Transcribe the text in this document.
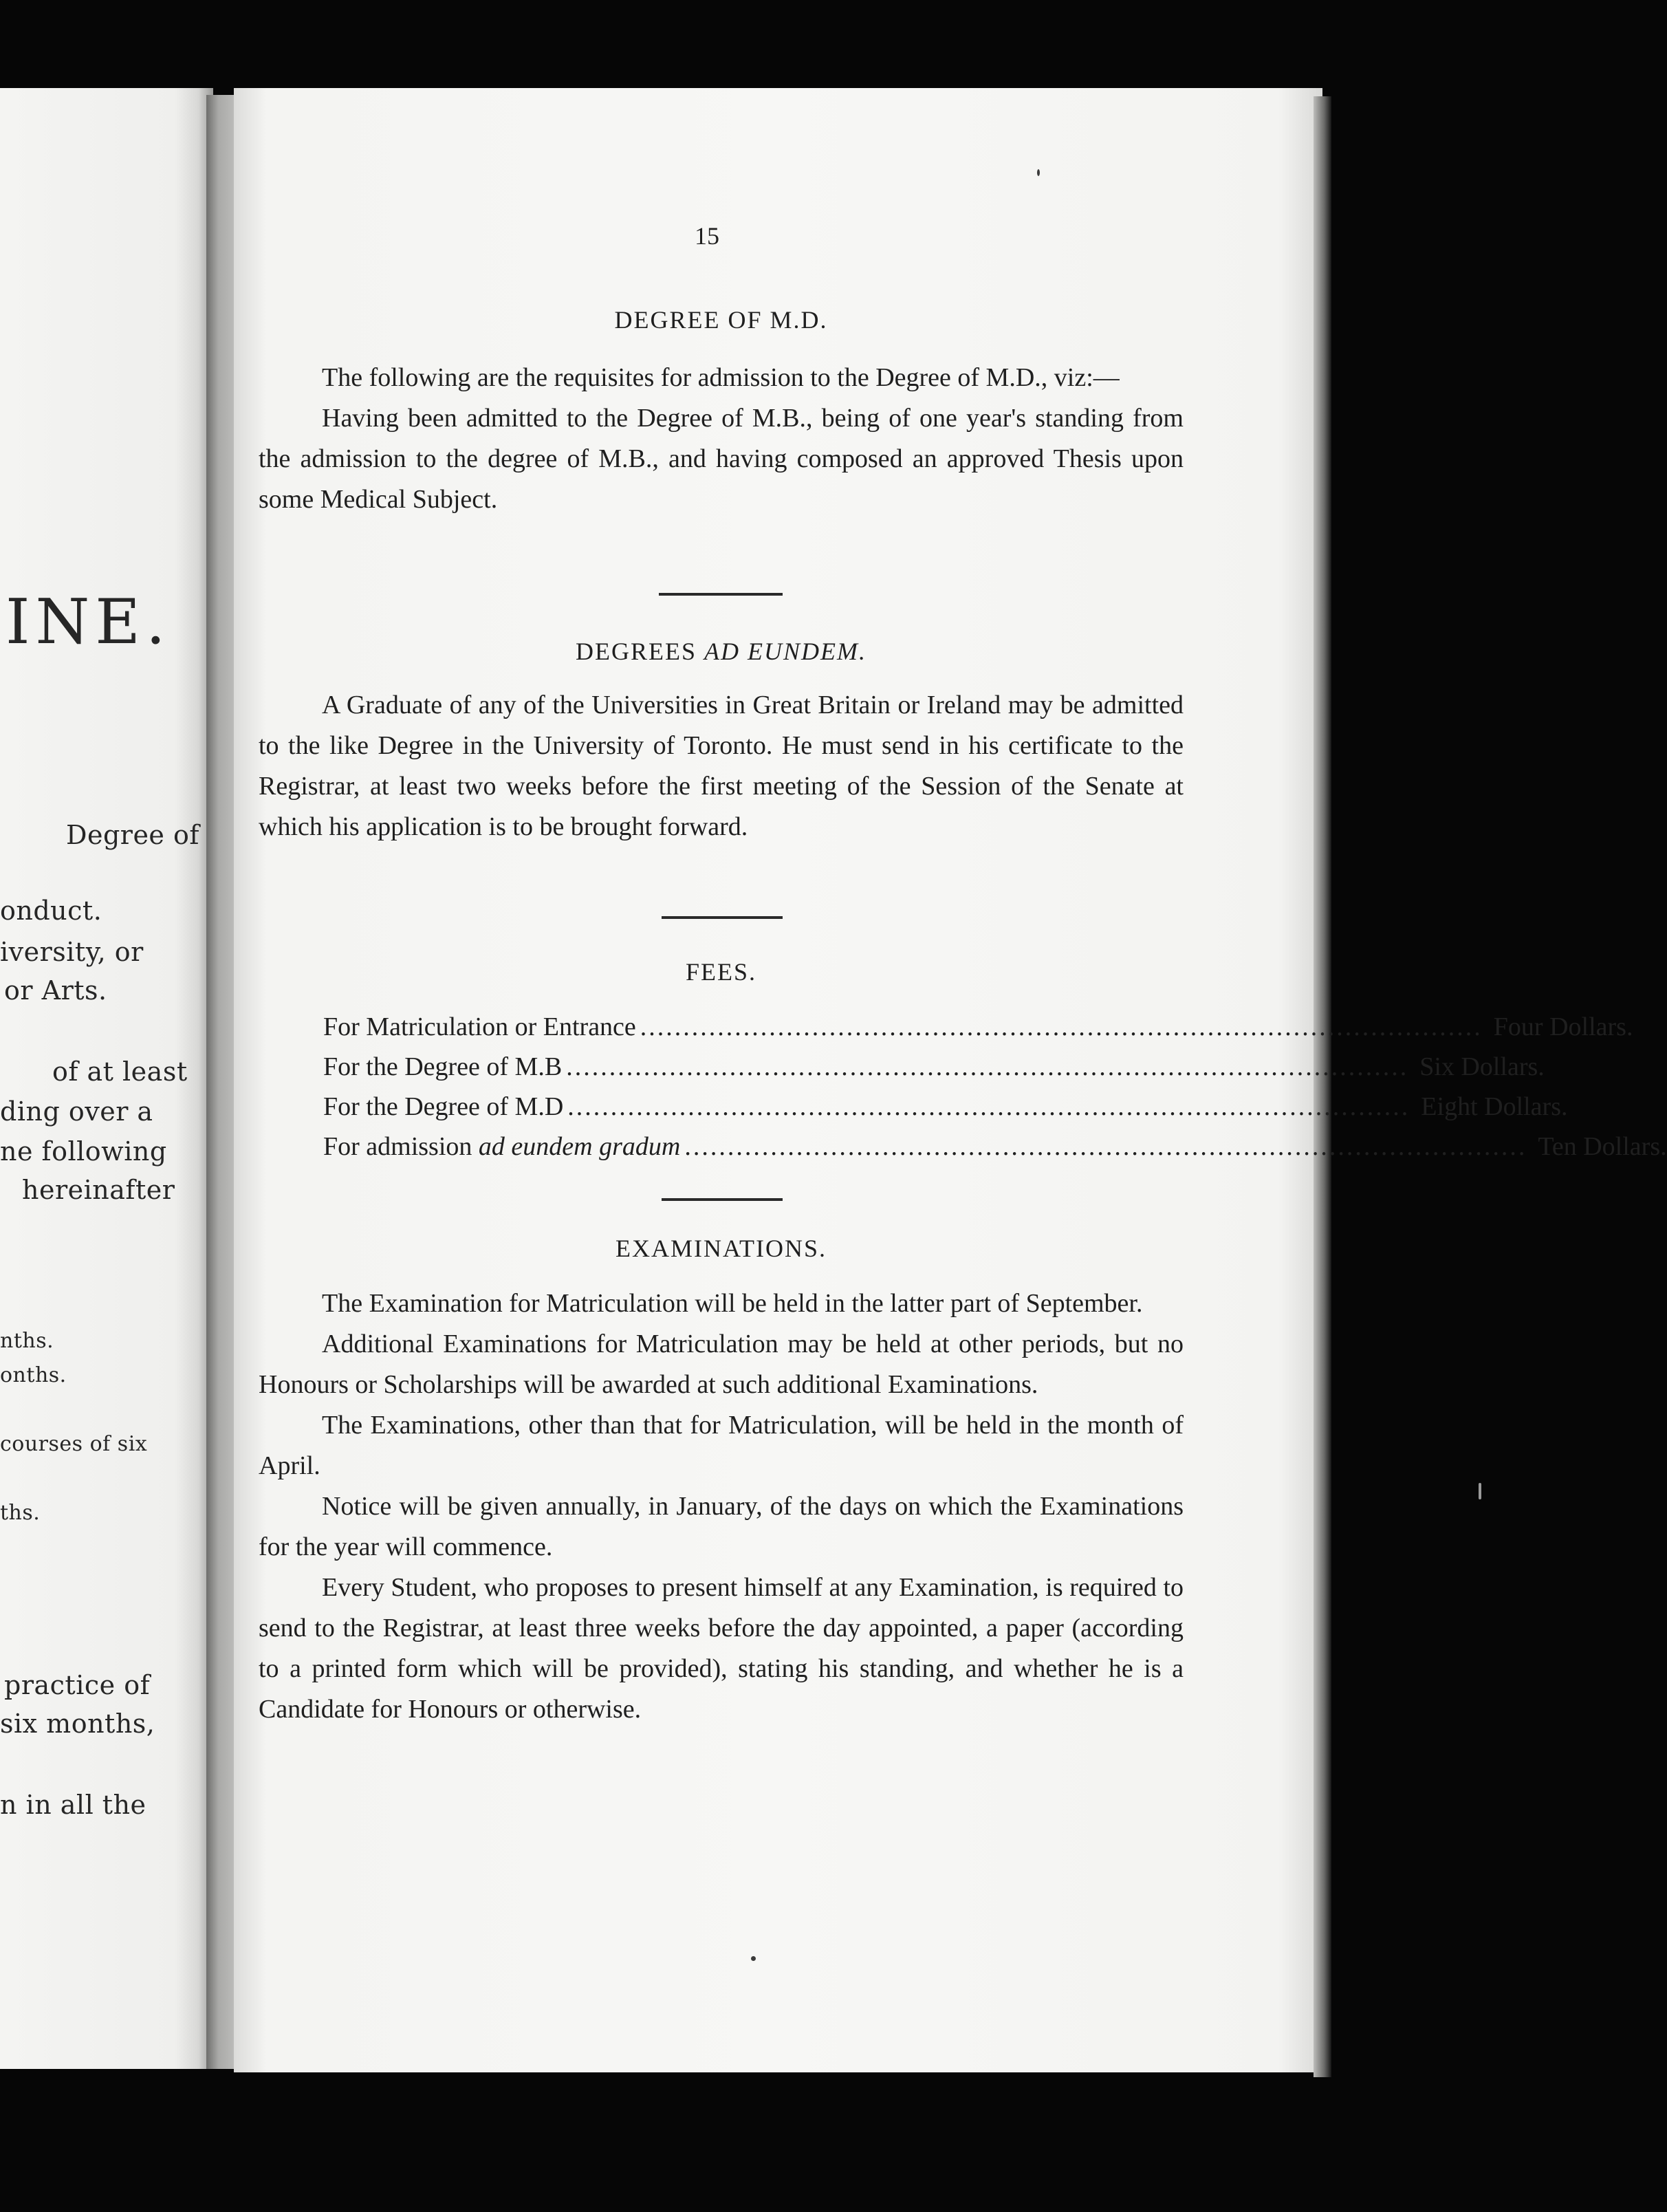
INE.
Degree of
onduct.
iversity, or
or Arts.
of at least
ding over a
ne following
hereinafter
nths.
onths.
courses of six
ths.
practice of
six months,
n in all the
15
DEGREE OF M.D.
The following are the requisites for admission to the Degree of M.D., viz:—
Having been admitted to the Degree of M.B., being of one year's standing from the admission to the degree of M.B., and having composed an approved Thesis upon some Medical Subject.
DEGREES AD EUNDEM.
A Graduate of any of the Universities in Great Britain or Ireland may be admitted to the like Degree in the University of Toronto. He must send in his certificate to the Registrar, at least two weeks before the first meeting of the Session of the Senate at which his application is to be brought forward.
FEES.
For Matriculation or Entrance .................................................................................................. Four Dollars.
For the Degree of M.B .................................................................................................. Six Dollars.
For the Degree of M.D .................................................................................................. Eight Dollars.
For admission ad eundem gradum .................................................................................................. Ten Dollars.
EXAMINATIONS.
The Examination for Matriculation will be held in the latter part of September.
Additional Examinations for Matriculation may be held at other periods, but no Honours or Scholarships will be awarded at such additional Examinations.
The Examinations, other than that for Matriculation, will be held in the month of April.
Notice will be given annually, in January, of the days on which the Examinations for the year will commence.
Every Student, who proposes to present himself at any Examination, is required to send to the Registrar, at least three weeks before the day appointed, a paper (according to a printed form which will be provided), stating his standing, and whether he is a Candidate for Honours or otherwise.
